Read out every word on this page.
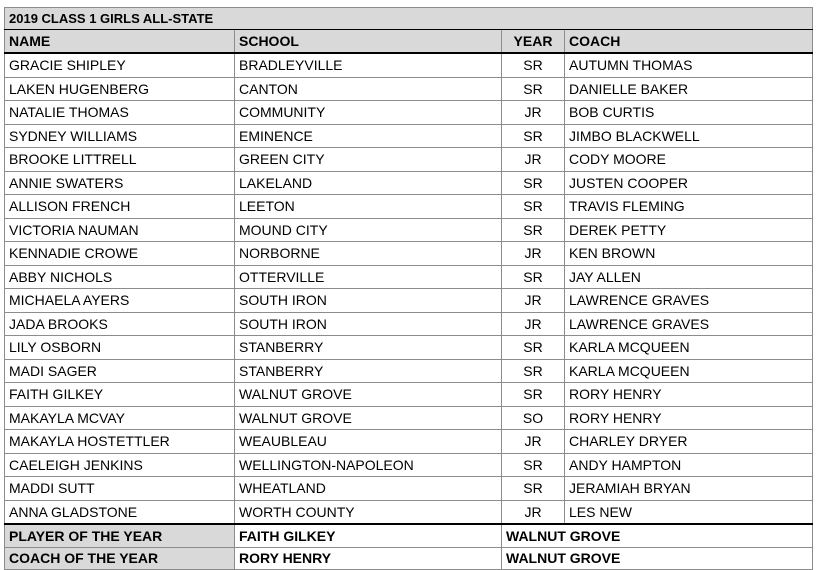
2019 CLASS 1 GIRLS ALL-STATE			
NAME	SCHOOL	YEAR	COACH
GRACIE SHIPLEY	BRADLEYVILLE	SR	AUTUMN THOMAS
LAKEN HUGENBERG	CANTON	SR	DANIELLE BAKER
NATALIE THOMAS	COMMUNITY	JR	BOB CURTIS
SYDNEY WILLIAMS	EMINENCE	SR	JIMBO BLACKWELL
BROOKE LITTRELL	GREEN CITY	JR	CODY MOORE
ANNIE SWATERS	LAKELAND	SR	JUSTEN COOPER
ALLISON FRENCH	LEETON	SR	TRAVIS FLEMING
VICTORIA NAUMAN	MOUND CITY	SR	DEREK PETTY
KENNADIE CROWE	NORBORNE	JR	KEN BROWN
ABBY NICHOLS	OTTERVILLE	SR	JAY ALLEN
MICHAELA AYERS	SOUTH IRON	JR	LAWRENCE GRAVES
JADA BROOKS	SOUTH IRON	JR	LAWRENCE GRAVES
LILY OSBORN	STANBERRY	SR	KARLA MCQUEEN
MADI SAGER	STANBERRY	SR	KARLA MCQUEEN
FAITH GILKEY	WALNUT GROVE	SR	RORY HENRY
MAKAYLA MCVAY	WALNUT GROVE	SO	RORY HENRY
MAKAYLA HOSTETTLER	WEAUBLEAU	JR	CHARLEY DRYER
CAELEIGH JENKINS	WELLINGTON-NAPOLEON	SR	ANDY HAMPTON
MADDI SUTT	WHEATLAND	SR	JERAMIAH BRYAN
ANNA GLADSTONE	WORTH COUNTY	JR	LES NEW
PLAYER OF THE YEAR	FAITH GILKEY	WALNUT GROVE	
COACH OF THE YEAR	RORY HENRY	WALNUT GROVE	
